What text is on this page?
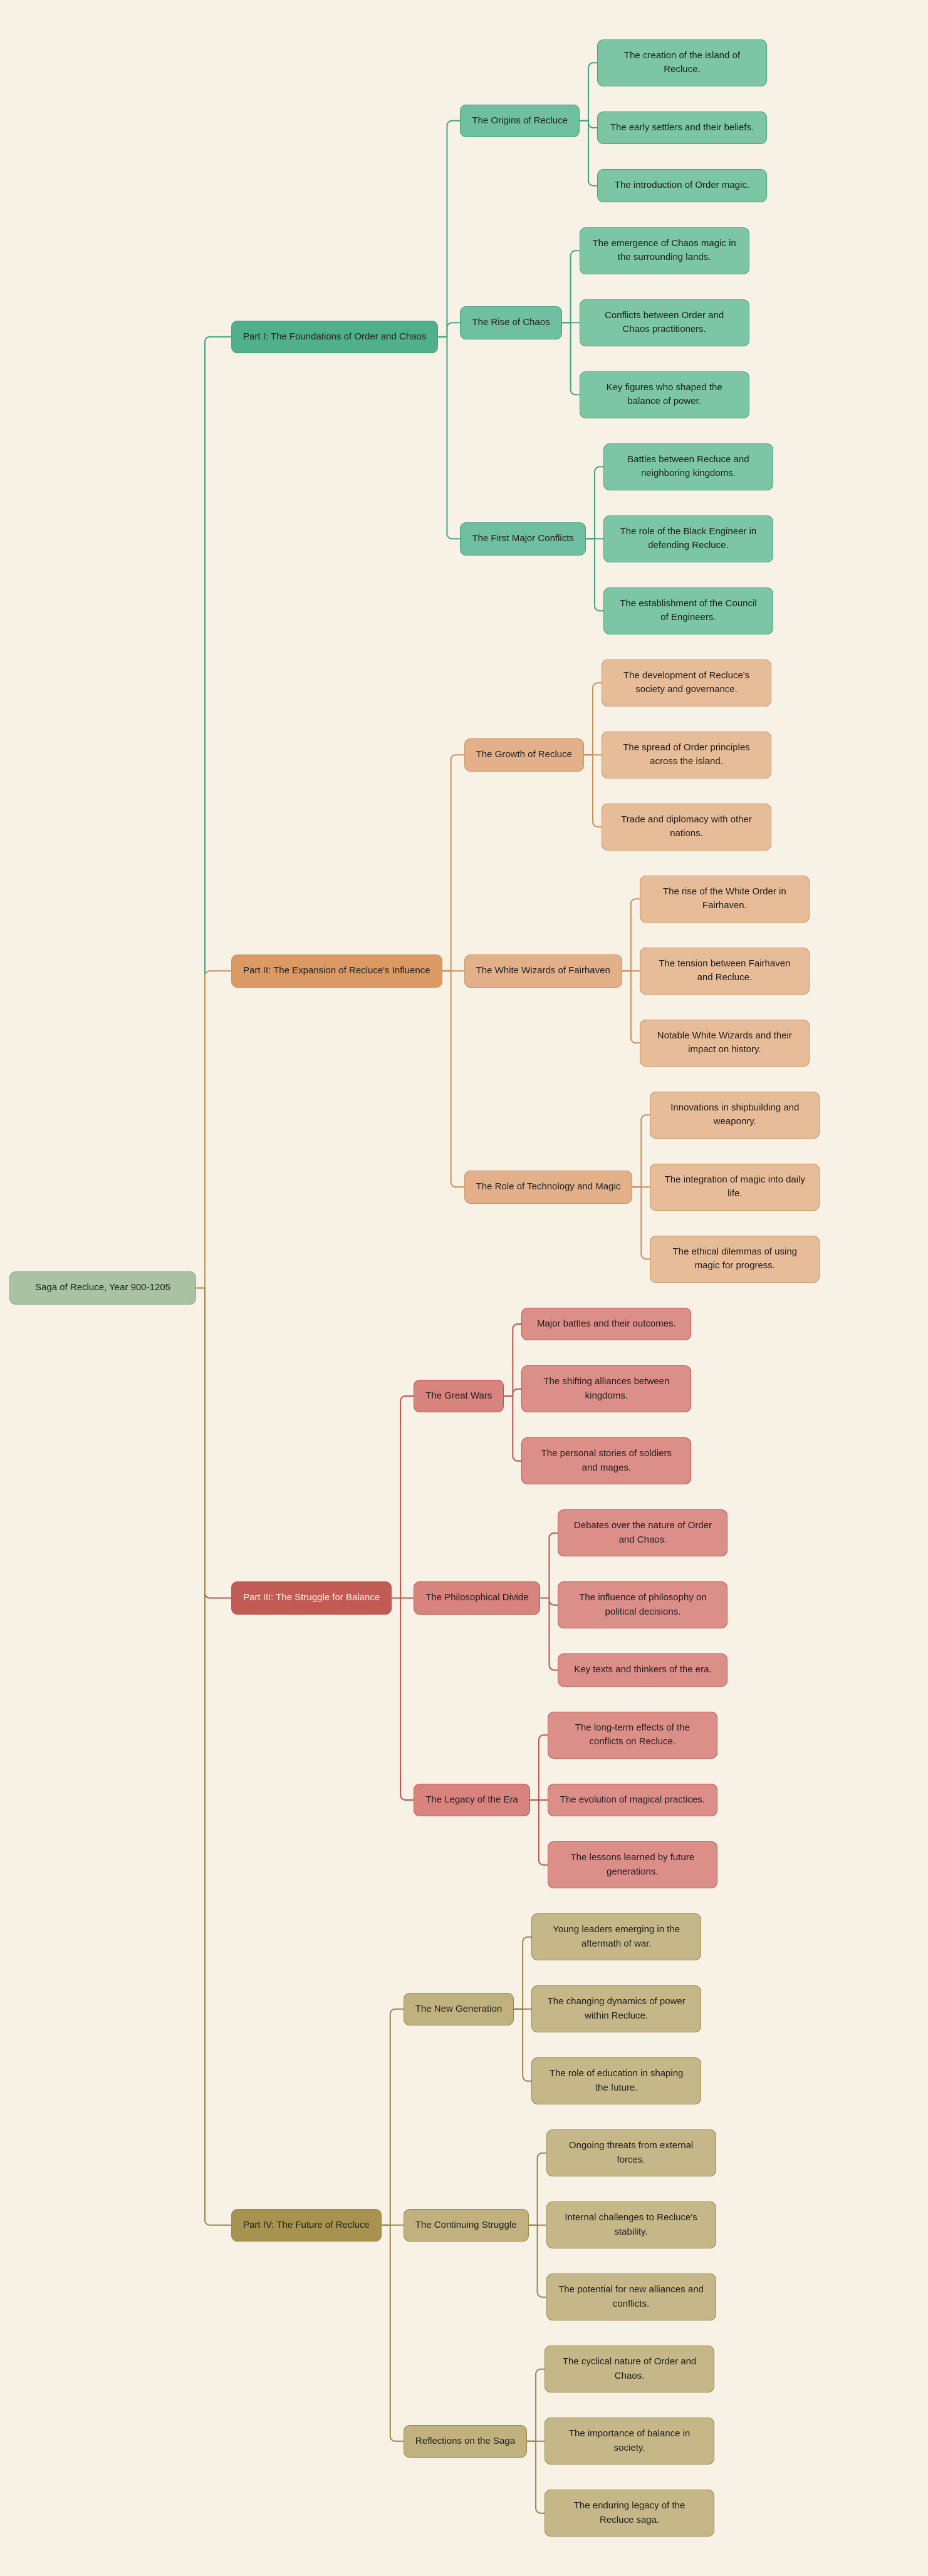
Saga of Recluce, Year 900-1205
Part I: The Foundations of Order and Chaos
The Origins of Recluce
The creation of the island of Recluce.
The early settlers and their beliefs.
The introduction of Order magic.
The Rise of Chaos
The emergence of Chaos magic in the surrounding lands.
Conflicts between Order and Chaos practitioners.
Key figures who shaped the balance of power.
The First Major Conflicts
Battles between Recluce and neighboring kingdoms.
The role of the Black Engineer in defending Recluce.
The establishment of the Council of Engineers.
Part II: The Expansion of Recluce's Influence
The Growth of Recluce
The development of Recluce's society and governance.
The spread of Order principles across the island.
Trade and diplomacy with other nations.
The White Wizards of Fairhaven
The rise of the White Order in Fairhaven.
The tension between Fairhaven and Recluce.
Notable White Wizards and their impact on history.
The Role of Technology and Magic
Innovations in shipbuilding and weaponry.
The integration of magic into daily life.
The ethical dilemmas of using magic for progress.
Part III: The Struggle for Balance
The Great Wars
Major battles and their outcomes.
The shifting alliances between kingdoms.
The personal stories of soldiers and mages.
The Philosophical Divide
Debates over the nature of Order and Chaos.
The influence of philosophy on political decisions.
Key texts and thinkers of the era.
The Legacy of the Era
The long-term effects of the conflicts on Recluce.
The evolution of magical practices.
The lessons learned by future generations.
Part IV: The Future of Recluce
The New Generation
Young leaders emerging in the aftermath of war.
The changing dynamics of power within Recluce.
The role of education in shaping the future.
The Continuing Struggle
Ongoing threats from external forces.
Internal challenges to Recluce's stability.
The potential for new alliances and conflicts.
Reflections on the Saga
The cyclical nature of Order and Chaos.
The importance of balance in society.
The enduring legacy of the Recluce saga.
